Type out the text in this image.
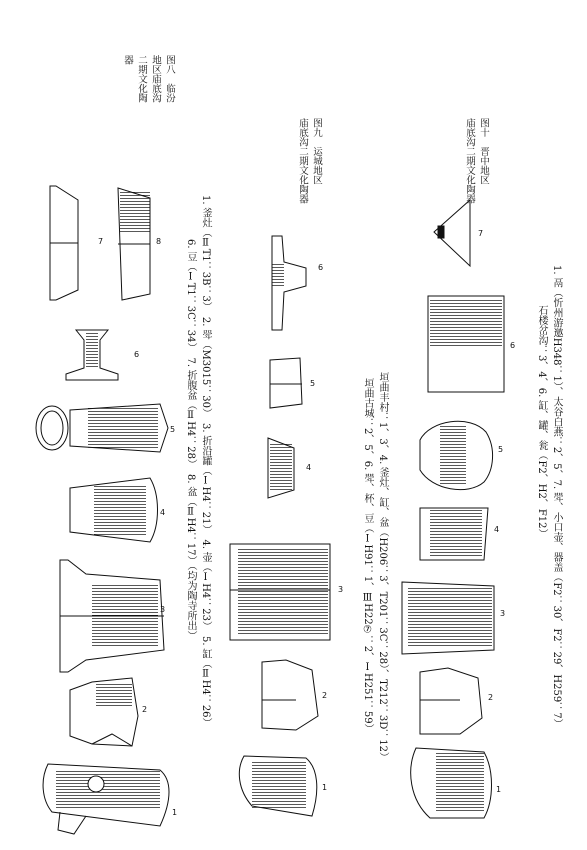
图八　临汾
地区庙底沟
二期文化陶
器
图九　运城地区
庙底沟二期文化陶器	图十　晋中地区
庙底沟二期文化陶器
1. 釜灶（ⅡT1：3B：3）　2. 斝（M3015：30）　3. 折沿罐（ⅠH4：21）　4. 壶（ⅠH4：23）　5. 缸（ⅡH4：26）
6. 豆（ⅠT1：3C：34）　7. 折腹盆（ⅡH4：28）　8. 盆（ⅡH4：17）（均为陶寺所出）	垣曲丰村：1、3、4. 釜灶、缸、盆（H206：3、T201：3C：28）、T212：3D：12）
垣曲古城：2、5、6. 斝、杯、豆（ⅠH91：1、ⅢH22⑦：2、ⅠH251：59）	1. 鬲（忻州游邀H348：1）、太谷白燕：2、5、7. 斝、小口壶、器盖（F2：30、F2：29、H259：7）
石楼岔沟：3、4、6. 缸、罐、瓮（F2、H2、F12）
1
2
3
4
5
6
7	8
1
2
3
4
5
6
1
2
3
4
5
6
7
